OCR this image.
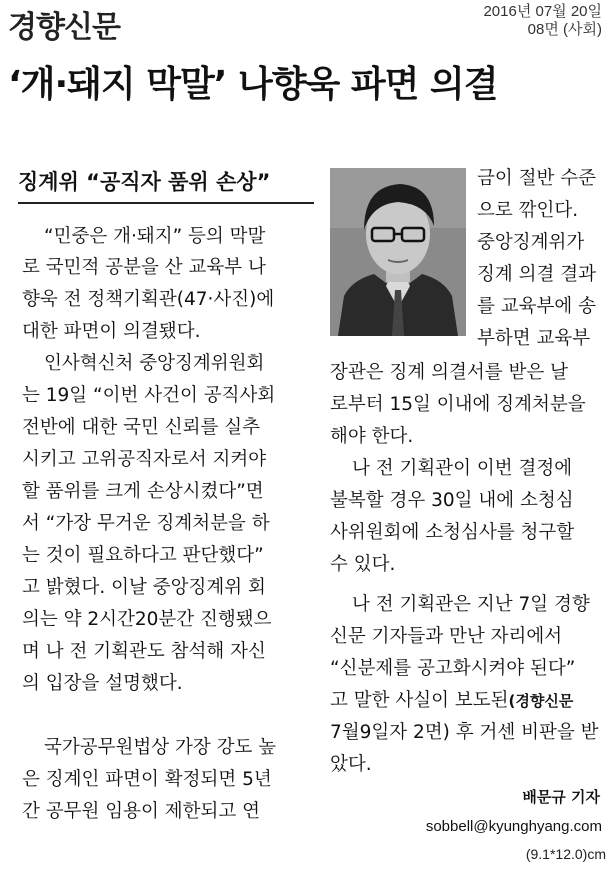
경향신문	2016년 07월 20일
08면 (사회)
‘개·돼지 막말’ 나향욱 파면 의결
징계위 “공직자 품위 손상”
“민중은 개·돼지” 등의 막말
로 국민적 공분을 산 교육부 나
향욱 전 정책기획관(47·사진)에
대한 파면이 의결됐다.
인사혁신처 중앙징계위원회
는 19일 “이번 사건이 공직사회
전반에 대한 국민 신뢰를 실추
시키고 고위공직자로서 지켜야
할 품위를 크게 손상시켰다”면
서 “가장 무거운 징계처분을 하
는 것이 필요하다고 판단했다”
고 밝혔다. 이날 중앙징계위 회
의는 약 2시간20분간 진행됐으
며 나 전 기획관도 참석해 자신
의 입장을 설명했다.
국가공무원법상 가장 강도 높
은 징계인 파면이 확정되면 5년
간 공무원 임용이 제한되고 연
금이 절반 수준
으로 깎인다.
중앙징계위가
징계 의결 결과
를 교육부에 송
부하면 교육부
장관은 징계 의결서를 받은 날
로부터 15일 이내에 징계처분을
해야 한다.
나 전 기획관이 이번 결정에
불복할 경우 30일 내에 소청심
사위원회에 소청심사를 청구할
수 있다.
나 전 기획관은 지난 7일 경향
신문 기자들과 만난 자리에서
“신분제를 공고화시켜야 된다”
고 말한 사실이 보도된(경향신문
7월9일자 2면) 후 거센 비판을 받
았다.
배문규 기자
sobbell@kyunghyang.com
(9.1*12.0)cm
